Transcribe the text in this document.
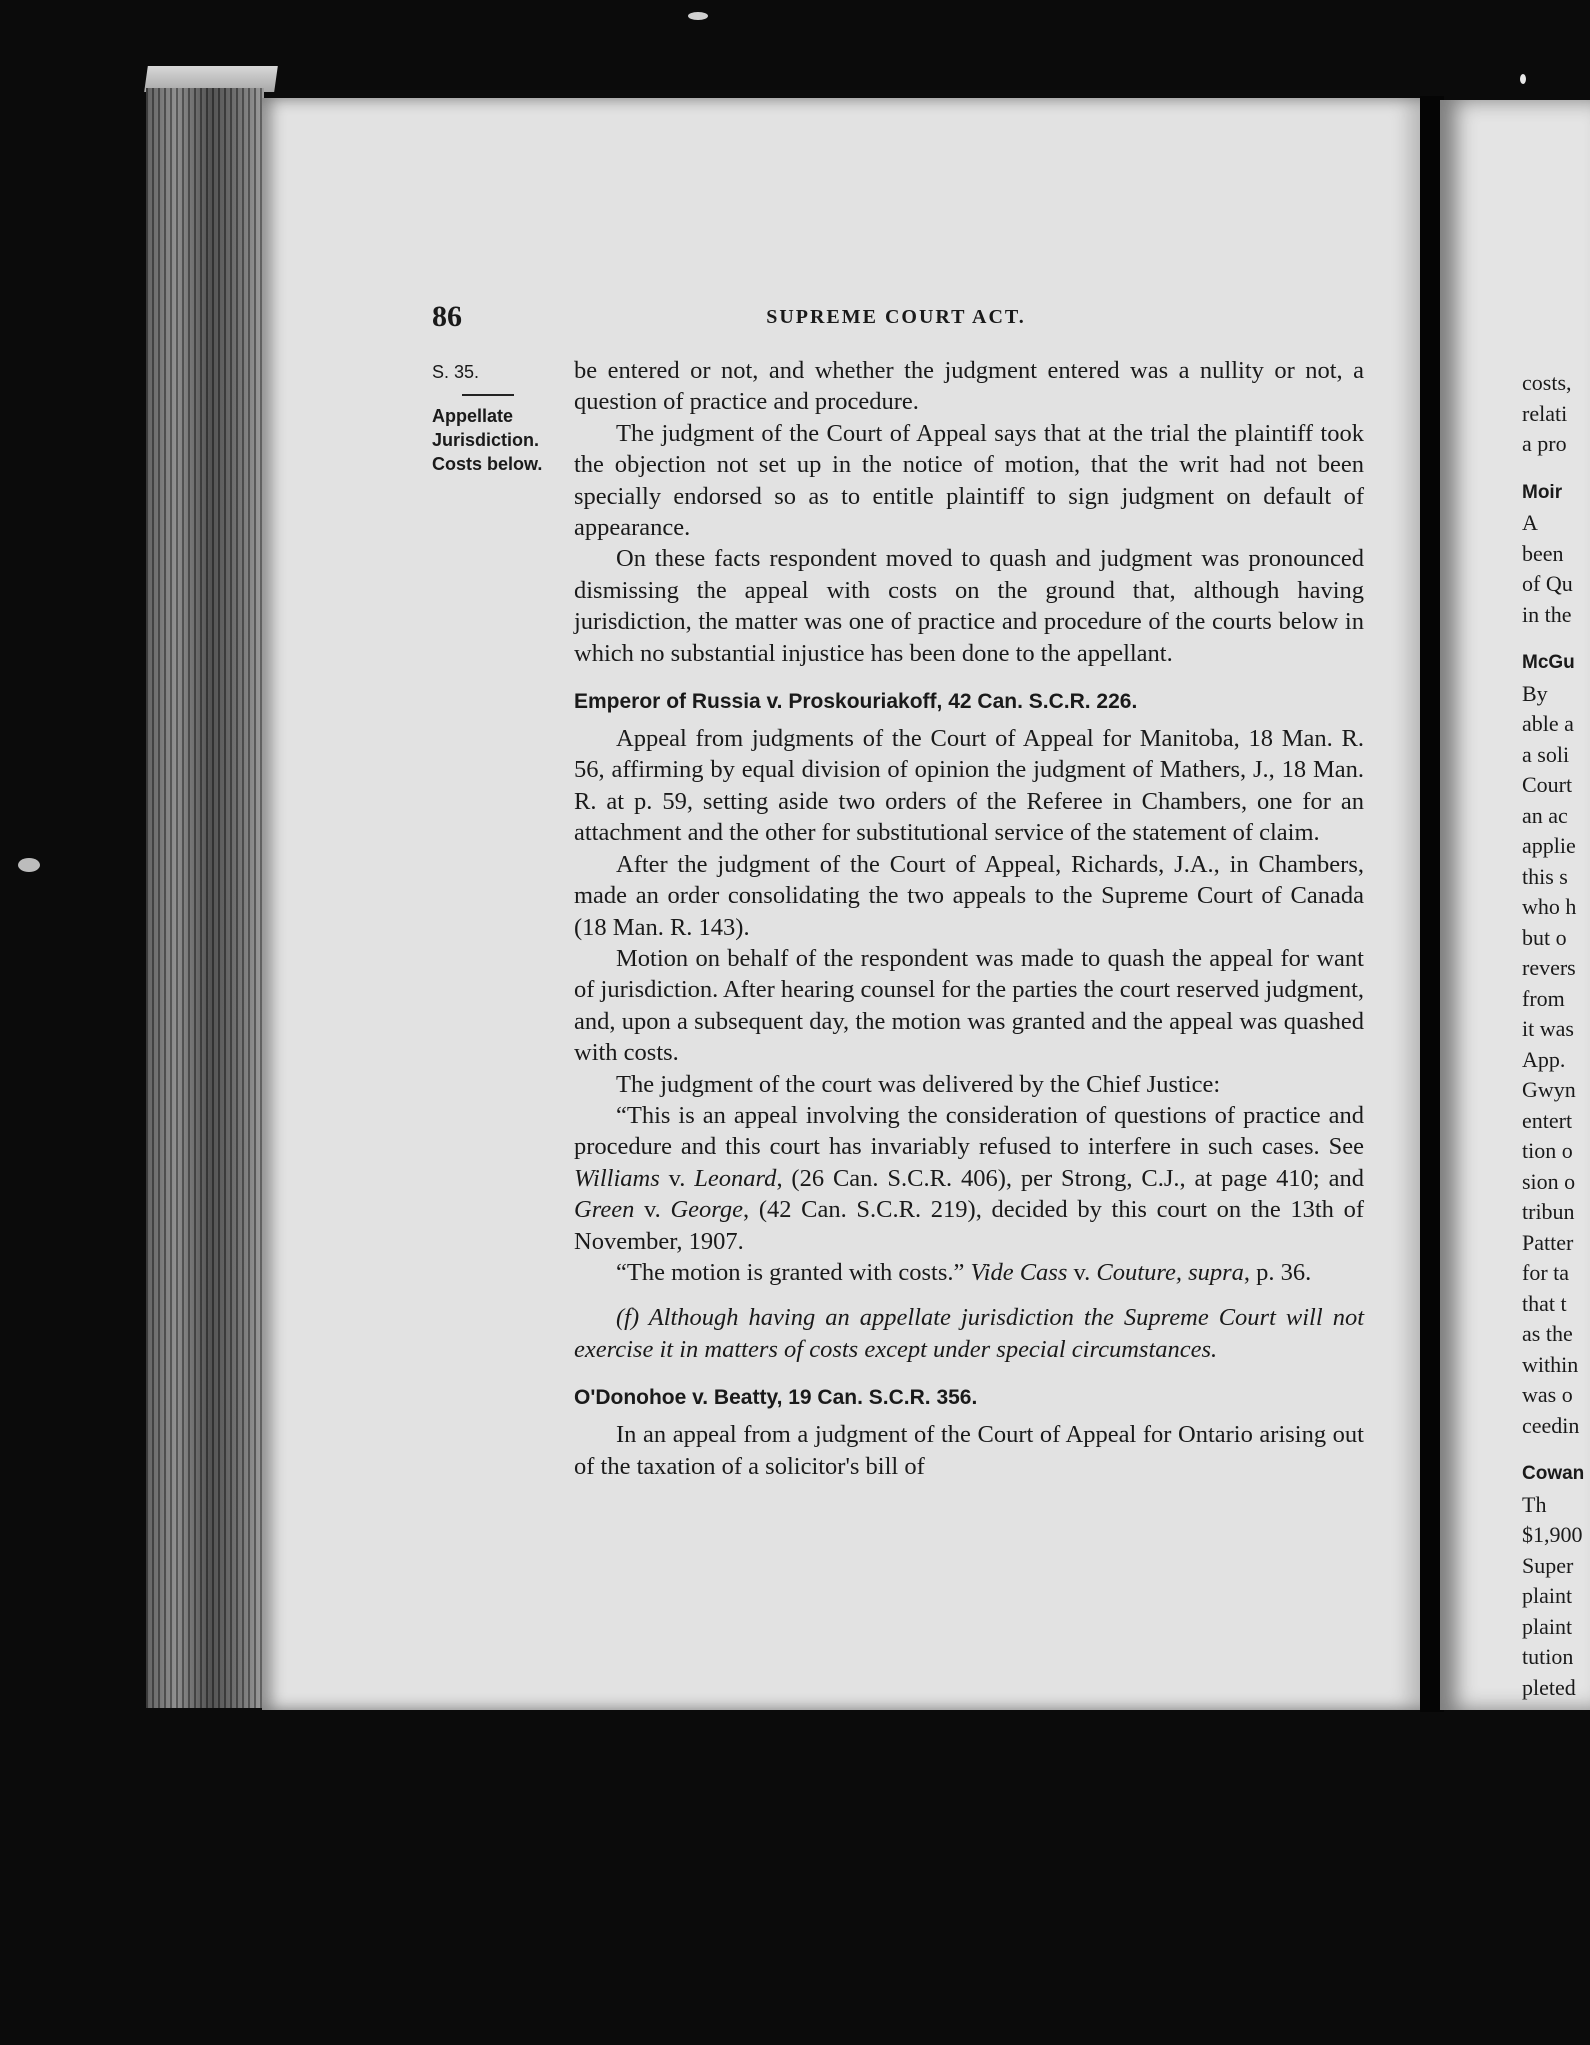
86	SUPREME COURT ACT.
S. 35.
Appellate
Jurisdiction.
Costs below.

be entered or not, and whether the judgment entered was a nullity or not, a question of practice and procedure.

The judgment of the Court of Appeal says that at the trial the plaintiff took the objection not set up in the notice of motion, that the writ had not been specially endorsed so as to entitle plaintiff to sign judgment on default of appearance.

On these facts respondent moved to quash and judgment was pronounced dismissing the appeal with costs on the ground that, although having jurisdiction, the matter was one of practice and procedure of the courts below in which no substantial injustice has been done to the appellant.

Emperor of Russia v. Proskouriakoff, 42 Can. S.C.R. 226.

Appeal from judgments of the Court of Appeal for Manitoba, 18 Man. R. 56, affirming by equal division of opinion the judgment of Mathers, J., 18 Man. R. at p. 59, setting aside two orders of the Referee in Chambers, one for an attachment and the other for substitutional service of the statement of claim.

After the judgment of the Court of Appeal, Richards, J.A., in Chambers, made an order consolidating the two appeals to the Supreme Court of Canada (18 Man. R. 143).

Motion on behalf of the respondent was made to quash the appeal for want of jurisdiction. After hearing counsel for the parties the court reserved judgment, and, upon a subsequent day, the motion was granted and the appeal was quashed with costs.

The judgment of the court was delivered by the Chief Justice:

“This is an appeal involving the consideration of questions of practice and procedure and this court has invariably refused to interfere in such cases. See Williams v. Leonard, (26 Can. S.C.R. 406), per Strong, C.J., at page 410; and Green v. George, (42 Can. S.C.R. 219), decided by this court on the 13th of November, 1907.

“The motion is granted with costs.” Vide Cass v. Couture, supra, p. 36.

(f) Although having an appellate jurisdiction the Supreme Court will not exercise it in matters of costs except under special circumstances.

O'Donohoe v. Beatty, 19 Can. S.C.R. 356.

In an appeal from a judgment of the Court of Appeal for Ontario arising out of the taxation of a solicitor's bill of

costs,
relati
a pro
Moir
A
been
of Qu
in the
McGu
By
able a
a soli
Court
an ac
applie
this s
who h
but o
revers
from
it was
App.
Gwyn
entert
tion o
sion o
tribun
Patter
for ta
that t
as the
within
was o
ceedin
Cowan
Th
$1,900
Super
plaint
plaint
tution
pleted
